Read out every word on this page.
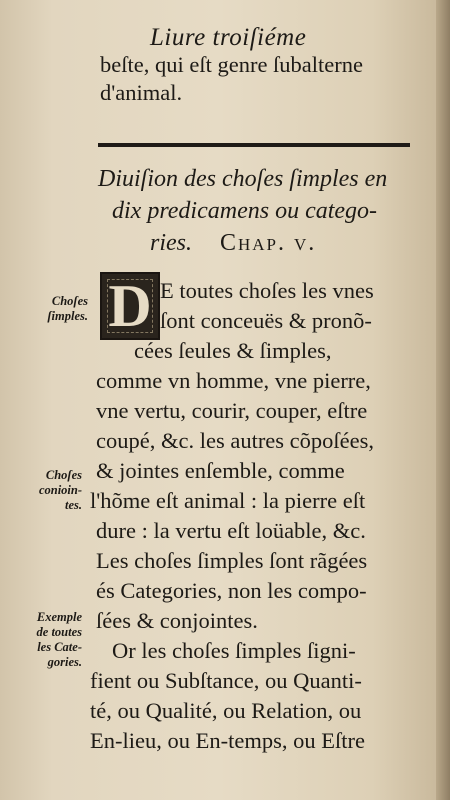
Liure troiſiéme
beſte, qui eſt genre ſubalterne
d'animal.
Diuiſion des choſes ſimples en
dix predicamens ou catego-
ries. Chap. v.
D
Choſes
ſimples.
Choſes
conioin-
tes.
Exemple
de toutes
les Cate-
gories.
E toutes choſes les vnes
ſont conceuës & pronõ-
cées ſeules & ſimples,
comme vn homme, vne pierre,
vne vertu, courir, couper, eſtre
coupé, &c. les autres cõpoſées,
& jointes enſemble, comme
l'hõme eſt animal : la pierre eſt
dure : la vertu eſt loüable, &c.
Les choſes ſimples ſont rãgées
és Categories, non les compo-
ſées & conjointes.
Or les choſes ſimples ſigni-
fient ou Subſtance, ou Quanti-
té, ou Qualité, ou Relation, ou
En-lieu, ou En-temps, ou Eſtre
